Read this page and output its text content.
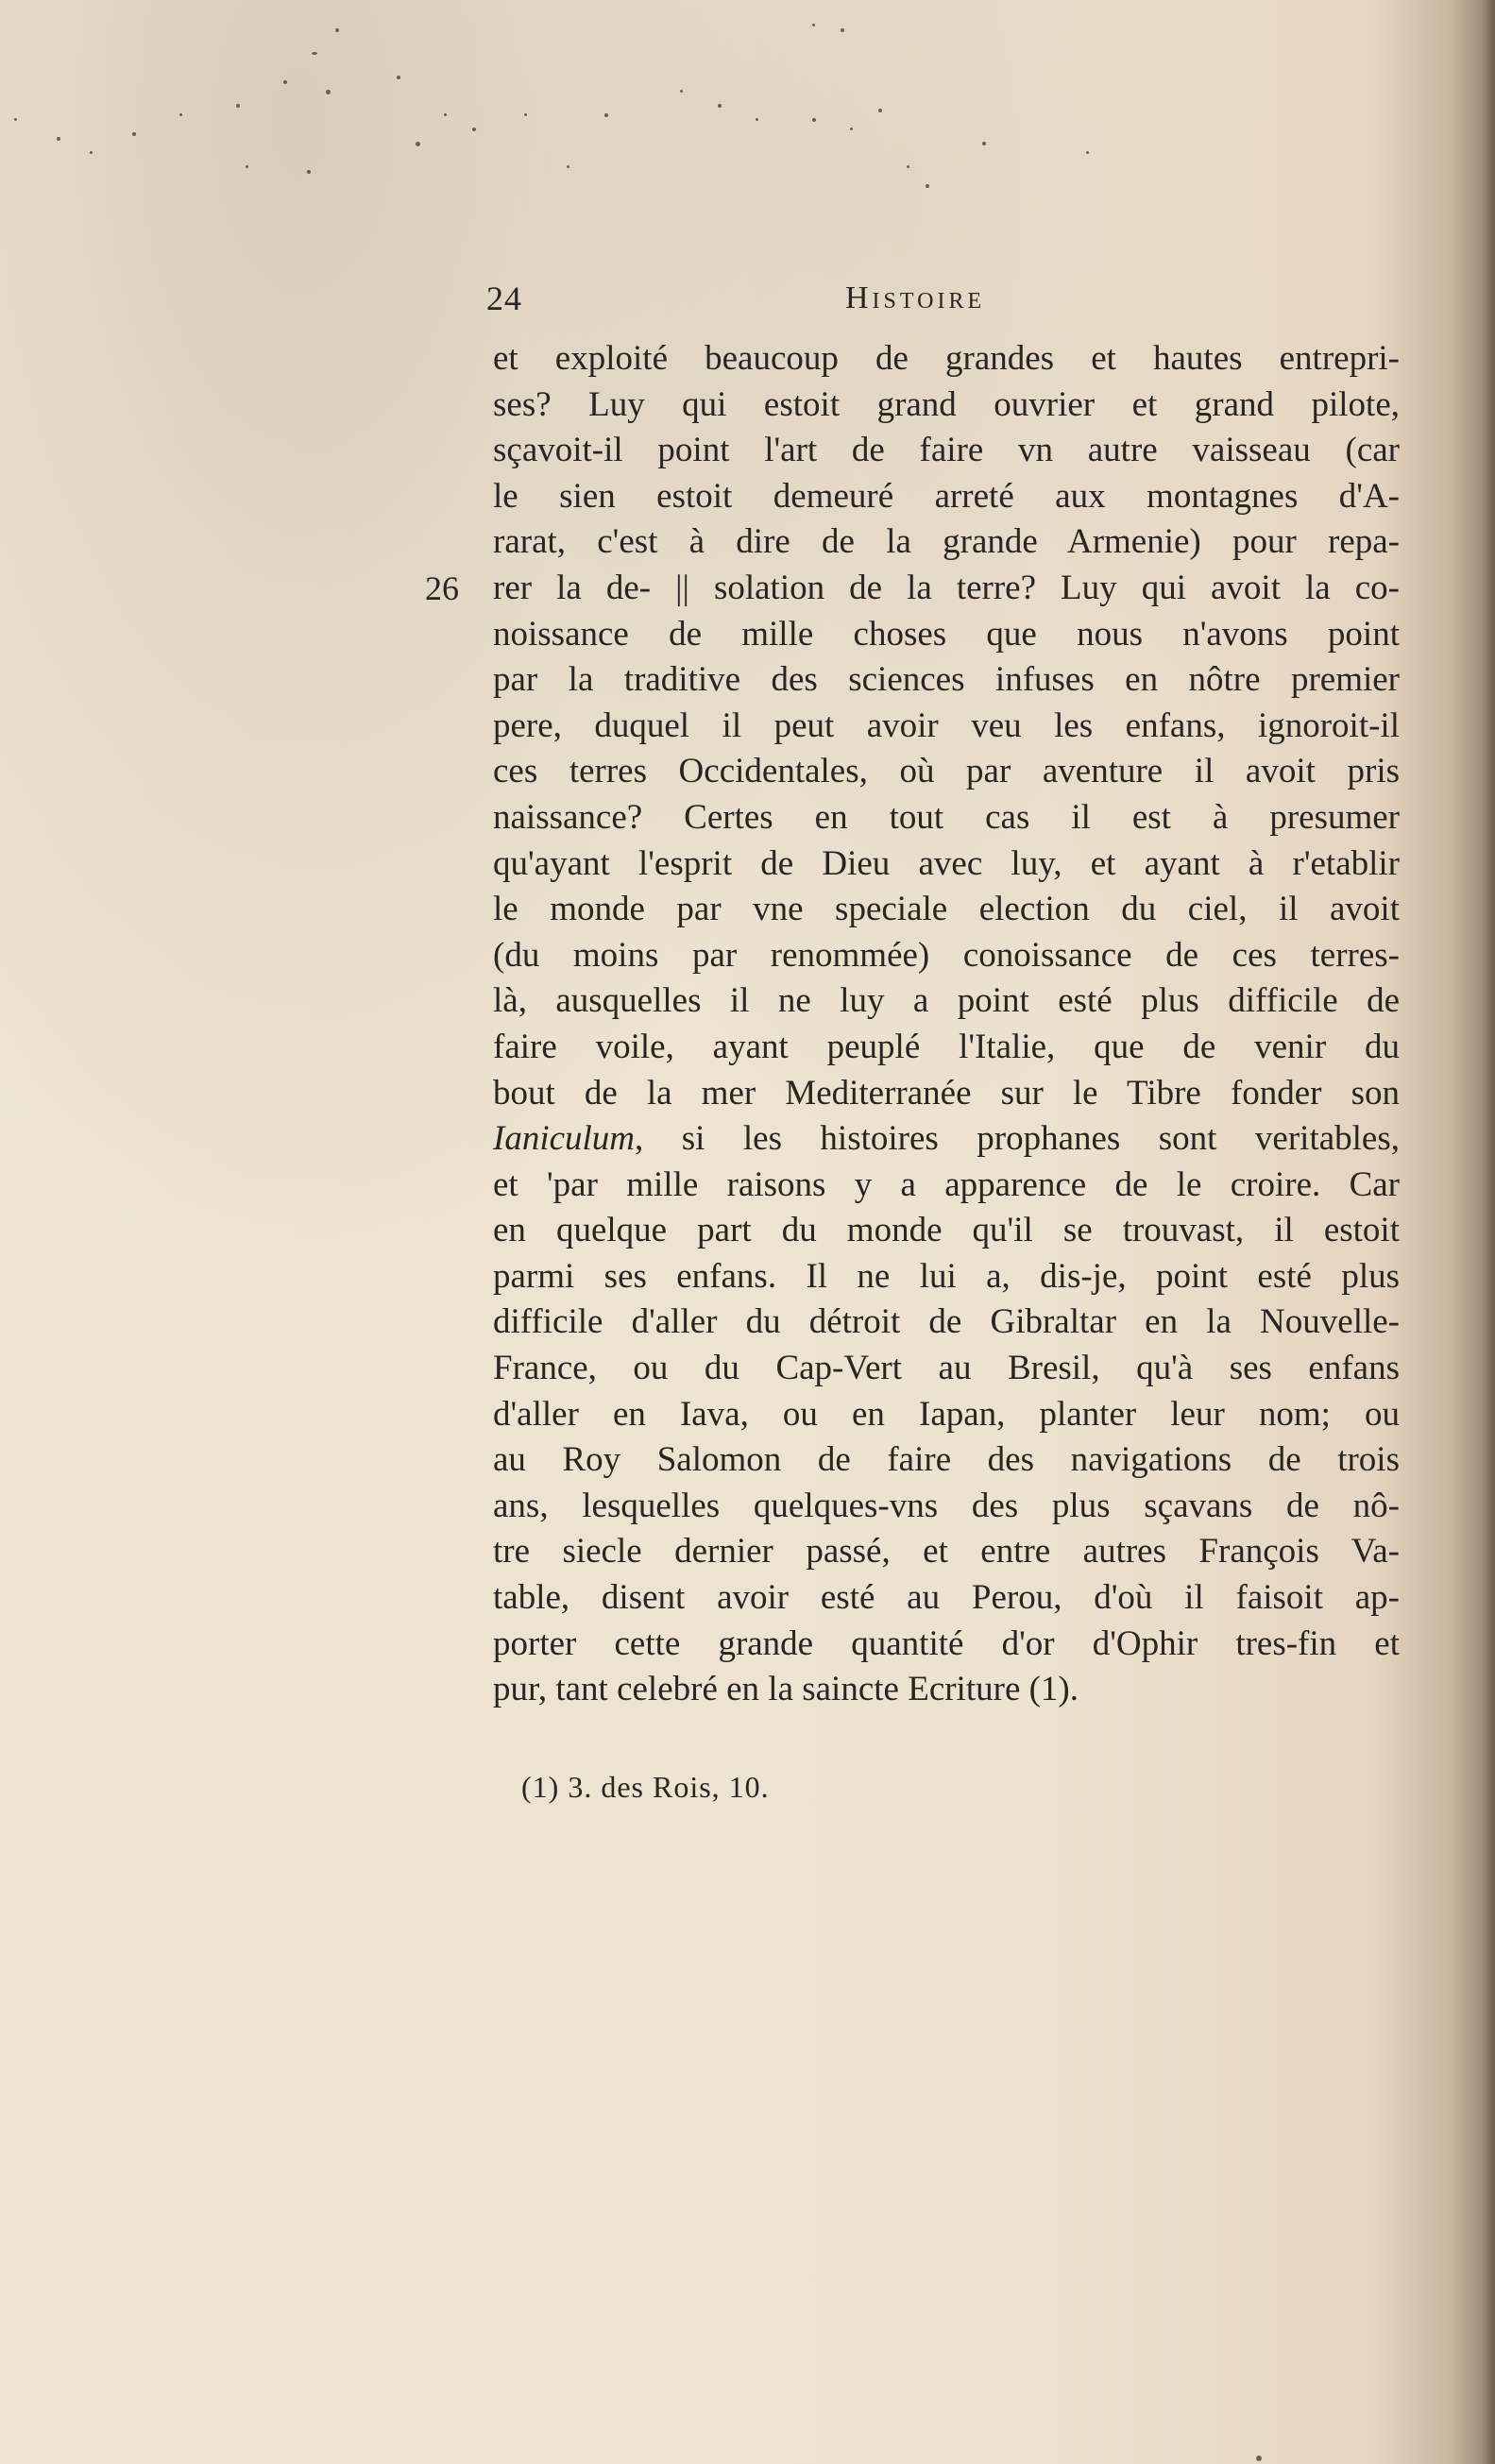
24	Histoire
26
et exploité beaucoup de grandes et hautes entrepri-
ses? Luy qui estoit grand ouvrier et grand pilote,
sçavoit-il point l'art de faire vn autre vaisseau (car
le sien estoit demeuré arreté aux montagnes d'A-
rarat, c'est à dire de la grande Armenie) pour repa-
rer la de- || solation de la terre? Luy qui avoit la co-
noissance de mille choses que nous n'avons point
par la traditive des sciences infuses en nôtre premier
pere, duquel il peut avoir veu les enfans, ignoroit-il
ces terres Occidentales, où par aventure il avoit pris
naissance? Certes en tout cas il est à presumer
qu'ayant l'esprit de Dieu avec luy, et ayant à r'etablir
le monde par vne speciale election du ciel, il avoit
(du moins par renommée) conoissance de ces terres-
là, ausquelles il ne luy a point esté plus difficile de
faire voile, ayant peuplé l'Italie, que de venir du
bout de la mer Mediterranée sur le Tibre fonder son
Ianiculum, si les histoires prophanes sont veritables,
et 'par mille raisons y a apparence de le croire. Car
en quelque part du monde qu'il se trouvast, il estoit
parmi ses enfans. Il ne lui a, dis-je, point esté plus
difficile d'aller du détroit de Gibraltar en la Nouvelle-
France, ou du Cap-Vert au Bresil, qu'à ses enfans
d'aller en Iava, ou en Iapan, planter leur nom; ou
au Roy Salomon de faire des navigations de trois
ans, lesquelles quelques-vns des plus sçavans de nô-
tre siecle dernier passé, et entre autres François Va-
table, disent avoir esté au Perou, d'où il faisoit ap-
porter cette grande quantité d'or d'Ophir tres-fin et
pur, tant celebré en la saincte Ecriture (1).
(1) 3. des Rois, 10.
